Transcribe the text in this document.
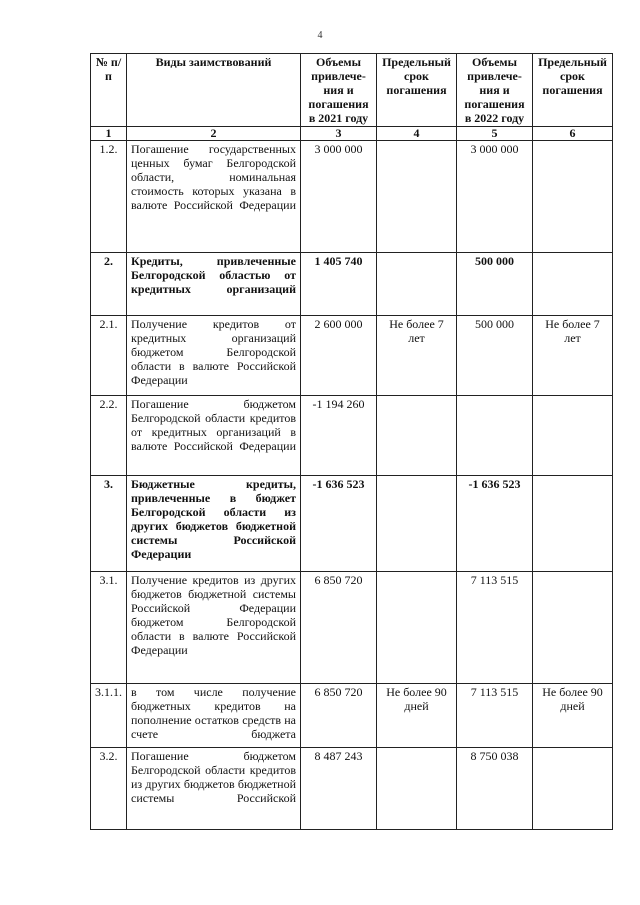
4
№ п/п	Виды заимствований	Объемы привлече-ния и погашения в 2021 году	Предельный срок погашения	Объемы привлече-ния и погашения в 2022 году	Предельный срок погашения
1	2	3	4	5	6
1.2.	Погашение государственных ценных бумаг Белгородской области, номинальная стоимость которых указана в валюте Российской Федерации	3 000 000		3 000 000	
2.	Кредиты, привлеченные Белгородской областью от кредитных организаций	1 405 740		500 000	
2.1.	Получение кредитов от кредитных организаций бюджетом Белгородской области в валюте Российской Федерации	2 600 000	Не более 7 лет	500 000	Не более 7 лет
2.2.	Погашение бюджетом Белгородской области кредитов от кредитных организаций в валюте Российской Федерации	-1 194 260			
3.	Бюджетные кредиты, привлеченные в бюджет Белгородской области из других бюджетов бюджетной системы Российской Федерации	-1 636 523		-1 636 523	
3.1.	Получение кредитов из других бюджетов бюджетной системы Российской Федерации бюджетом Белгородской области в валюте Российской Федерации	6 850 720		7 113 515	
3.1.1.	в том числе получение бюджетных кредитов на пополнение остатков средств на счете бюджета	6 850 720	Не более 90 дней	7 113 515	Не более 90 дней
3.2.	Погашение бюджетом Белгородской области кредитов из других бюджетов бюджетной системы Российской	8 487 243		8 750 038	
